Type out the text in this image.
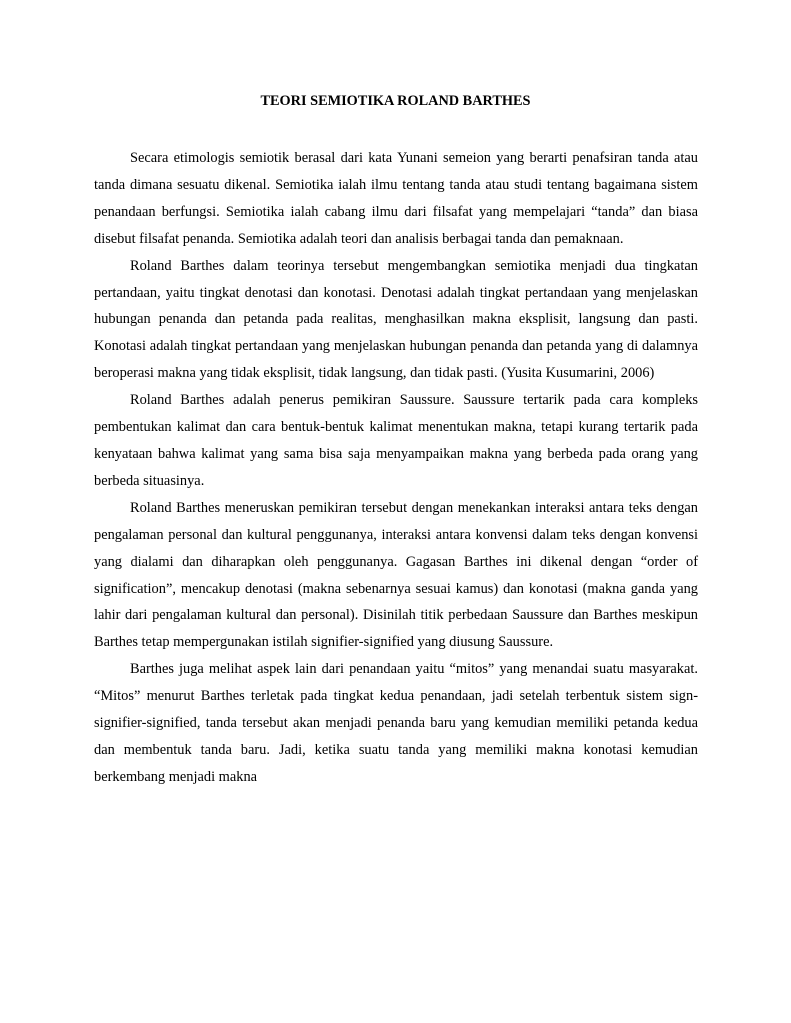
TEORI SEMIOTIKA ROLAND BARTHES

Secara etimologis semiotik berasal dari kata Yunani semeion yang berarti penafsiran tanda atau tanda dimana sesuatu dikenal. Semiotika ialah ilmu tentang tanda atau studi tentang bagaimana sistem penandaan berfungsi. Semiotika ialah cabang ilmu dari filsafat yang mempelajari “tanda” dan biasa disebut filsafat penanda. Semiotika adalah teori dan analisis berbagai tanda dan pemaknaan.

Roland Barthes dalam teorinya tersebut mengembangkan semiotika menjadi dua tingkatan pertandaan, yaitu tingkat denotasi dan konotasi. Denotasi adalah tingkat pertandaan yang menjelaskan hubungan penanda dan petanda pada realitas, menghasilkan makna eksplisit, langsung dan pasti. Konotasi adalah tingkat pertandaan yang menjelaskan hubungan penanda dan petanda yang di dalamnya beroperasi makna yang tidak eksplisit, tidak langsung, dan tidak pasti. (Yusita Kusumarini, 2006)

Roland Barthes adalah penerus pemikiran Saussure. Saussure tertarik pada cara kompleks pembentukan kalimat dan cara bentuk-bentuk kalimat menentukan makna, tetapi kurang tertarik pada kenyataan bahwa kalimat yang sama bisa saja menyampaikan makna yang berbeda pada orang yang berbeda situasinya.

Roland Barthes meneruskan pemikiran tersebut dengan menekankan interaksi antara teks dengan pengalaman personal dan kultural penggunanya, interaksi antara konvensi dalam teks dengan konvensi yang dialami dan diharapkan oleh penggunanya. Gagasan Barthes ini dikenal dengan “order of signification”, mencakup denotasi (makna sebenarnya sesuai kamus) dan konotasi (makna ganda yang lahir dari pengalaman kultural dan personal). Disinilah titik perbedaan Saussure dan Barthes meskipun Barthes tetap mempergunakan istilah signifier-signified yang diusung Saussure.

Barthes juga melihat aspek lain dari penandaan yaitu “mitos” yang menandai suatu masyarakat. “Mitos” menurut Barthes terletak pada tingkat kedua penandaan, jadi setelah terbentuk sistem sign-signifier-signified, tanda tersebut akan menjadi penanda baru yang kemudian memiliki petanda kedua dan membentuk tanda baru. Jadi, ketika suatu tanda yang memiliki makna konotasi kemudian berkembang menjadi makna
